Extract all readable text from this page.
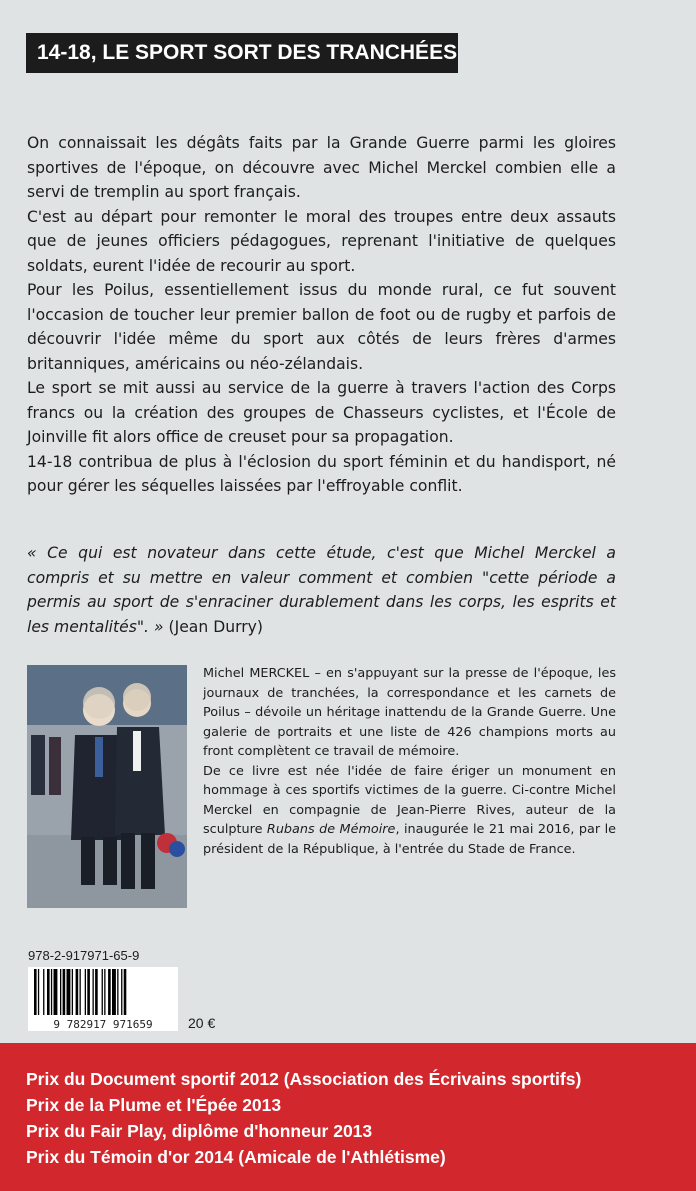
14-18, LE SPORT SORT DES TRANCHÉES

On connaissait les dégâts faits par la Grande Guerre parmi les gloires sportives de l'époque, on découvre avec Michel Merckel combien elle a servi de tremplin au sport français.

C'est au départ pour remonter le moral des troupes entre deux assauts que de jeunes officiers pédagogues, reprenant l'initiative de quelques soldats, eurent l'idée de recourir au sport.

Pour les Poilus, essentiellement issus du monde rural, ce fut souvent l'occasion de toucher leur premier ballon de foot ou de rugby et parfois de découvrir l'idée même du sport aux côtés de leurs frères d'armes britanniques, américains ou néo-zélandais.

Le sport se mit aussi au service de la guerre à travers l'action des Corps francs ou la création des groupes de Chasseurs cyclistes, et l'École de Joinville fit alors office de creuset pour sa propagation.

14-18 contribua de plus à l'éclosion du sport féminin et du handisport, né pour gérer les séquelles laissées par l'effroyable conflit.

« Ce qui est novateur dans cette étude, c'est que Michel Merckel a compris et su mettre en valeur comment et combien "cette période a permis au sport de s'enraciner durablement dans les corps, les esprits et les mentalités". » (Jean Durry)

Michel MERCKEL – en s'appuyant sur la presse de l'époque, les journaux de tranchées, la correspondance et les carnets de Poilus – dévoile un héritage inattendu de la Grande Guerre. Une galerie de portraits et une liste de 426 champions morts au front complètent ce travail de mémoire.

De ce livre est née l'idée de faire ériger un monument en hommage à ces sportifs victimes de la guerre. Ci-contre Michel Merckel en compagnie de Jean-Pierre Rives, auteur de la sculpture Rubans de Mémoire, inaugurée le 21 mai 2016, par le président de la République, à l'entrée du Stade de France.

978-2-917971-65-9
9 782917 971659	20 €
Prix du Document sportif 2012 (Association des Écrivains sportifs)
Prix de la Plume et l'Épée 2013
Prix du Fair Play, diplôme d'honneur 2013
Prix du Témoin d'or 2014 (Amicale de l'Athlétisme)
